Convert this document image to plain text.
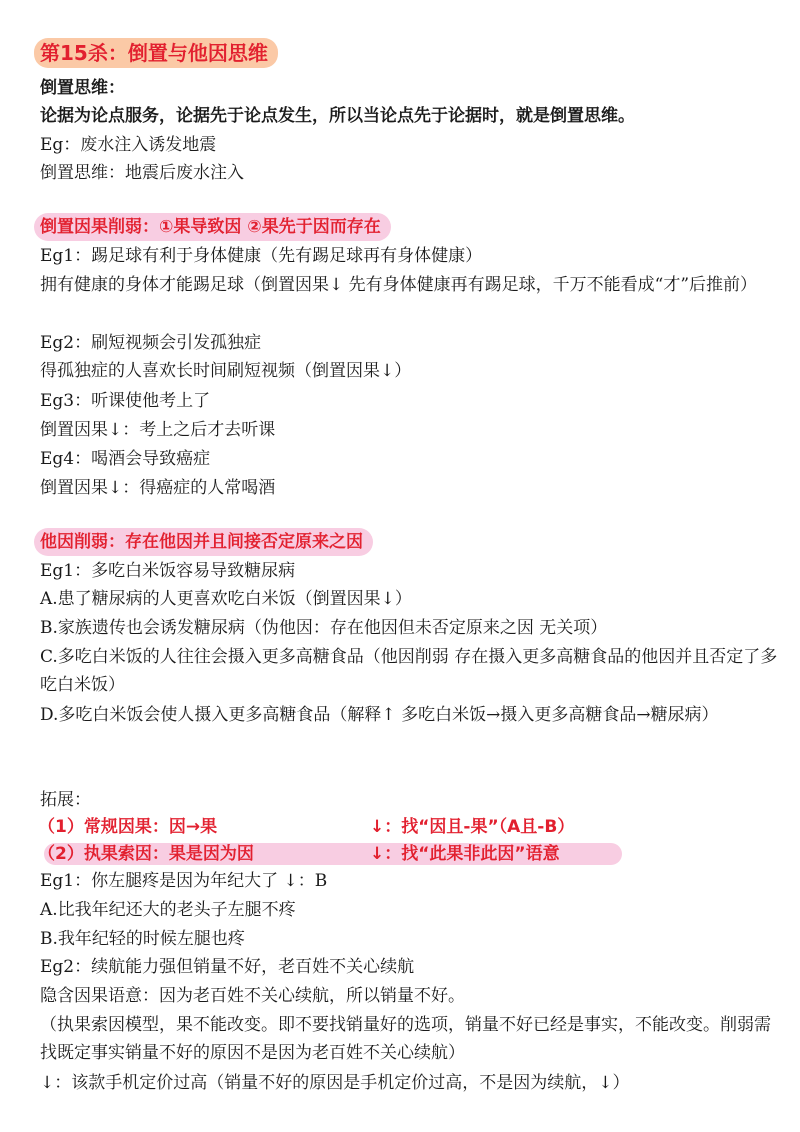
第15杀：倒置与他因思维
倒置思维：
论据为论点服务，论据先于论点发生，所以当论点先于论据时，就是倒置思维。
Eg：废水注入诱发地震
倒置思维：地震后废水注入
倒置因果削弱：①果导致因 ②果先于因而存在
Eg1：踢足球有利于身体健康（先有踢足球再有身体健康）
拥有健康的身体才能踢足球（倒置因果↓ 先有身体健康再有踢足球，千万不能看成“才”后推前）
Eg2：刷短视频会引发孤独症
得孤独症的人喜欢长时间刷短视频（倒置因果↓）
Eg3：听课使他考上了
倒置因果↓：考上之后才去听课
Eg4：喝酒会导致癌症
倒置因果↓：得癌症的人常喝酒
他因削弱：存在他因并且间接否定原来之因
Eg1：多吃白米饭容易导致糖尿病
A.患了糖尿病的人更喜欢吃白米饭（倒置因果↓）
B.家族遗传也会诱发糖尿病（伪他因：存在他因但未否定原来之因 无关项）
C.多吃白米饭的人往往会摄入更多高糖食品（他因削弱 存在摄入更多高糖食品的他因并且否定了多吃白米饭）
D.多吃白米饭会使人摄入更多高糖食品（解释↑ 多吃白米饭→摄入更多高糖食品→糖尿病）
拓展：
（1）常规因果：因→果	↓：找“因且-果”（A且-B）
（2）执果索因：果是因为因	↓：找“此果非此因”语意
Eg1：你左腿疼是因为年纪大了 ↓：B
A.比我年纪还大的老头子左腿不疼
B.我年纪轻的时候左腿也疼
Eg2：续航能力强但销量不好，老百姓不关心续航
隐含因果语意：因为老百姓不关心续航，所以销量不好。
（执果索因模型，果不能改变。即不要找销量好的选项，销量不好已经是事实，不能改变。削弱需找既定事实销量不好的原因不是因为老百姓不关心续航）
↓：该款手机定价过高（销量不好的原因是手机定价过高，不是因为续航，↓）
